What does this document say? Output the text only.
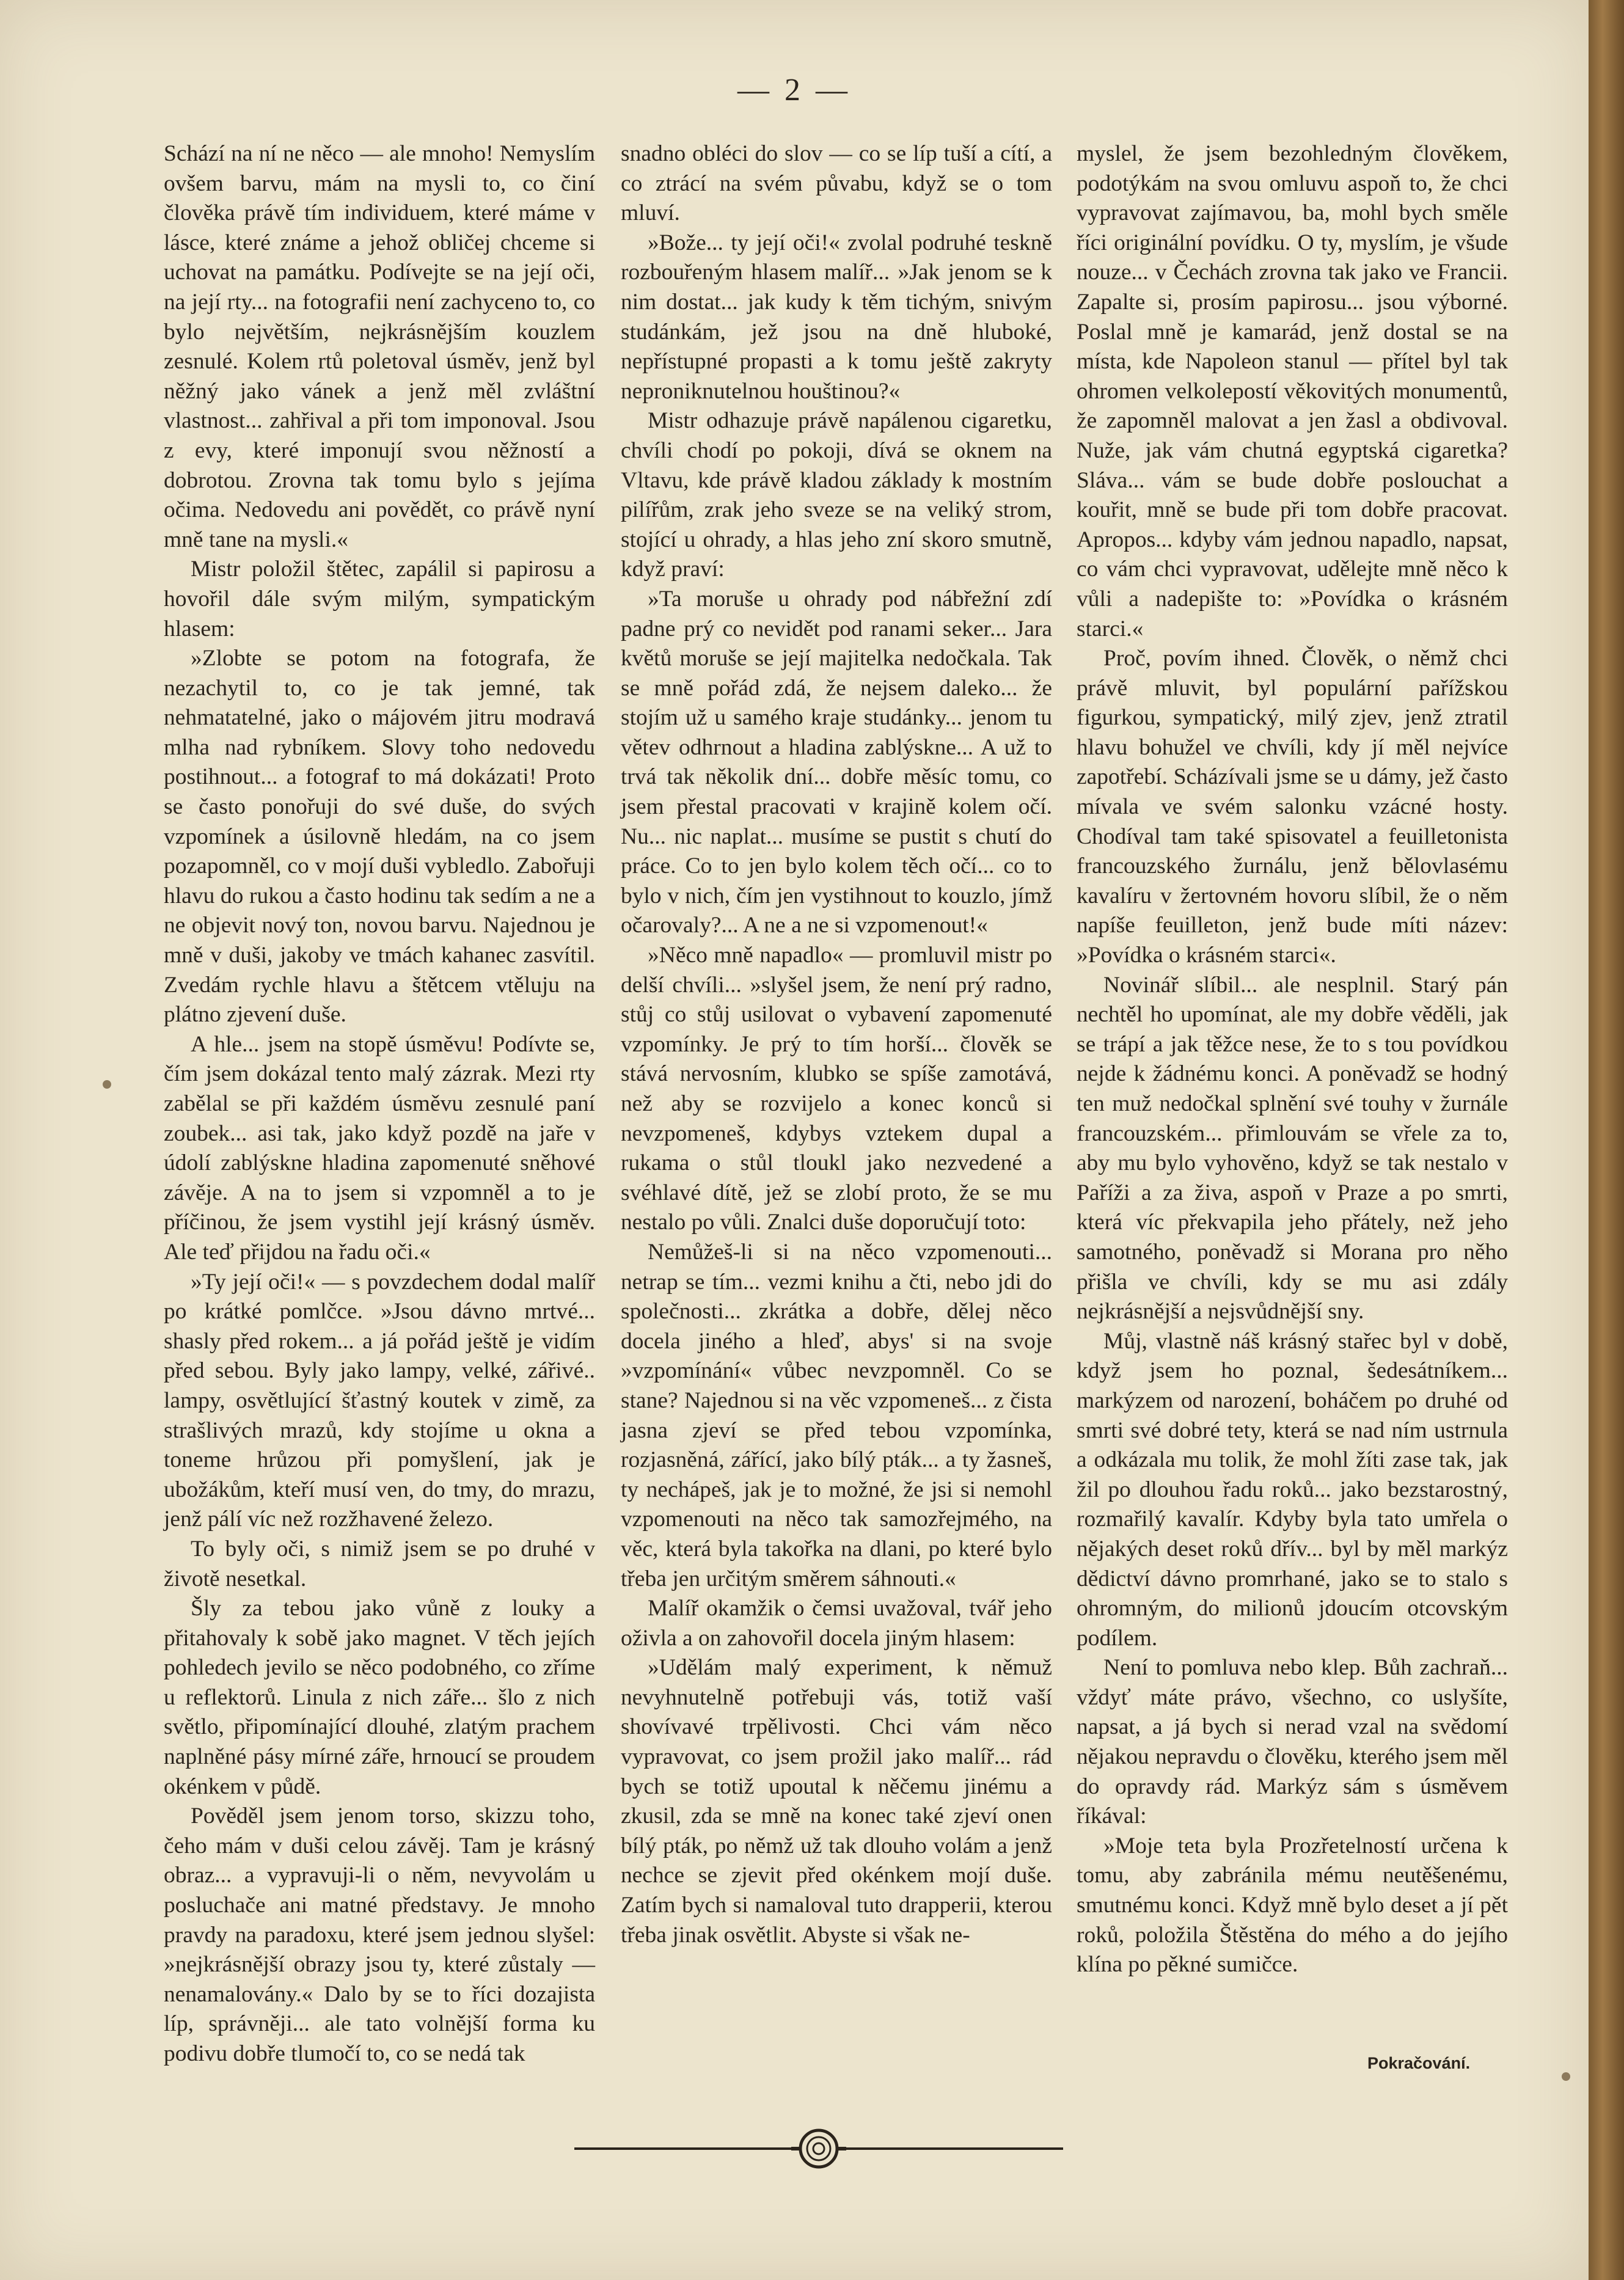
— 2 —

Schází na ní ne něco — ale mnoho! Nemyslím ovšem barvu, mám na mysli to, co činí člověka právě tím individuem, které máme v lásce, které známe a jehož obličej chceme si uchovat na památku. Podívejte se na její oči, na její rty... na fotografii není zachyceno to, co bylo největším, nejkrásnějším kouzlem zesnulé. Kolem rtů poletoval úsměv, jenž byl něžný jako vánek a jenž měl zvláštní vlastnost... zahřival a při tom imponoval. Jsou z evy, které imponují svou něžností a dobrotou. Zrovna tak tomu bylo s jejíma očima. Nedovedu ani povědět, co právě nyní mně tane na mysli.«

Mistr položil štětec, zapálil si papirosu a hovořil dále svým milým, sympatickým hlasem:

»Zlobte se potom na fotografa, že nezachytil to, co je tak jemné, tak nehmatatelné, jako o májovém jitru modravá mlha nad rybníkem. Slovy toho nedovedu postihnout... a fotograf to má dokázati! Proto se často ponořuji do své duše, do svých vzpomínek a úsilovně hledám, na co jsem pozapomněl, co v mojí duši vybledlo. Zabořuji hlavu do rukou a často hodinu tak sedím a ne a ne objevit nový ton, novou barvu. Najednou je mně v duši, jakoby ve tmách kahanec zasvítil. Zvedám rychle hlavu a štětcem vtěluju na plátno zjevení duše.

A hle... jsem na stopě úsměvu! Podívte se, čím jsem dokázal tento malý zázrak. Mezi rty zabělal se při každém úsměvu zesnulé paní zoubek... asi tak, jako když pozdě na jaře v údolí zablýskne hladina zapomenuté sněhové závěje. A na to jsem si vzpomněl a to je příčinou, že jsem vystihl její krásný úsměv. Ale teď přijdou na řadu oči.«

»Ty její oči!« — s povzdechem dodal malíř po krátké pomlčce. »Jsou dávno mrtvé... shasly před rokem... a já pořád ještě je vidím před sebou. Byly jako lampy, velké, zářivé.. lampy, osvětlující šťastný koutek v zimě, za strašlivých mrazů, kdy stojíme u okna a toneme hrůzou při pomyšlení, jak je ubožákům, kteří musí ven, do tmy, do mrazu, jenž pálí víc než rozžhavené železo.

To byly oči, s nimiž jsem se po druhé v životě nesetkal.

Šly za tebou jako vůně z louky a přitahovaly k sobě jako magnet. V těch jejích pohledech jevilo se něco podobného, co zříme u reflektorů. Linula z nich záře... šlo z nich světlo, připomínající dlouhé, zlatým prachem naplněné pásy mírné záře, hrnoucí se proudem okénkem v půdě.

Pověděl jsem jenom torso, skizzu toho, čeho mám v duši celou závěj. Tam je krásný obraz... a vypravuji-li o něm, nevyvolám u posluchače ani matné představy. Je mnoho pravdy na paradoxu, které jsem jednou slyšel: »nejkrásnější obrazy jsou ty, které zůstaly — nenamalovány.« Dalo by se to říci dozajista líp, správněji... ale tato volnější forma ku podivu dobře tlumočí to, co se nedá tak

snadno obléci do slov — co se líp tuší a cítí, a co ztrácí na svém půvabu, když se o tom mluví.

»Bože... ty její oči!« zvolal podruhé teskně rozbouřeným hlasem malíř... »Jak jenom se k nim dostat... jak kudy k těm tichým, snivým studánkám, jež jsou na dně hluboké, nepřístupné propasti a k tomu ještě zakryty neproniknutelnou houštinou?«

Mistr odhazuje právě napálenou cigaretku, chvíli chodí po pokoji, dívá se oknem na Vltavu, kde právě kladou základy k mostním pilířům, zrak jeho sveze se na veliký strom, stojící u ohrady, a hlas jeho zní skoro smutně, když praví:

»Ta moruše u ohrady pod nábřežní zdí padne prý co nevidět pod ranami seker... Jara květů moruše se její majitelka nedočkala. Tak se mně pořád zdá, že nejsem daleko... že stojím už u samého kraje studánky... jenom tu větev odhrnout a hladina zablýskne... A už to trvá tak několik dní... dobře měsíc tomu, co jsem přestal pracovati v krajině kolem očí. Nu... nic naplat... musíme se pustit s chutí do práce. Co to jen bylo kolem těch očí... co to bylo v nich, čím jen vystihnout to kouzlo, jímž očarovaly?... A ne a ne si vzpomenout!«

»Něco mně napadlo« — promluvil mistr po delší chvíli... »slyšel jsem, že není prý radno, stůj co stůj usilovat o vybavení zapomenuté vzpomínky. Je prý to tím horší... člověk se stává nervosním, klubko se spíše zamotává, než aby se rozvijelo a konec konců si nevzpomeneš, kdybys vztekem dupal a rukama o stůl tloukl jako nezvedené a svéhlavé dítě, jež se zlobí proto, že se mu nestalo po vůli. Znalci duše doporučují toto:

Nemůžeš-li si na něco vzpomenouti... netrap se tím... vezmi knihu a čti, nebo jdi do společnosti... zkrátka a dobře, dělej něco docela jiného a hleď, abys' si na svoje »vzpomínání« vůbec nevzpomněl. Co se stane? Najednou si na věc vzpomeneš... z čista jasna zjeví se před tebou vzpomínka, rozjasněná, zářící, jako bílý pták... a ty žasneš, ty nechápeš, jak je to možné, že jsi si nemohl vzpomenouti na něco tak samozřejmého, na věc, která byla takořka na dlani, po které bylo třeba jen určitým směrem sáhnouti.«

Malíř okamžik o čemsi uvažoval, tvář jeho oživla a on zahovořil docela jiným hlasem:

»Udělám malý experiment, k němuž nevyhnutelně potřebuji vás, totiž vaší shovívavé trpělivosti. Chci vám něco vypravovat, co jsem prožil jako malíř... rád bych se totiž upoutal k něčemu jinému a zkusil, zda se mně na konec také zjeví onen bílý pták, po němž už tak dlouho volám a jenž nechce se zjevit před okénkem mojí duše. Zatím bych si namaloval tuto drapperii, kterou třeba jinak osvětlit. Abyste si však ne-

myslel, že jsem bezohledným člověkem, podotýkám na svou omluvu aspoň to, že chci vypravovat zajímavou, ba, mohl bych směle říci originální povídku. O ty, myslím, je všude nouze... v Čechách zrovna tak jako ve Francii. Zapalte si, prosím papirosu... jsou výborné. Poslal mně je kamarád, jenž dostal se na místa, kde Napoleon stanul — přítel byl tak ohromen velkolepostí věkovitých monumentů, že zapomněl malovat a jen žasl a obdivoval. Nuže, jak vám chutná egyptská cigaretka? Sláva... vám se bude dobře poslouchat a kouřit, mně se bude při tom dobře pracovat. Apropos... kdyby vám jednou napadlo, napsat, co vám chci vypravovat, udělejte mně něco k vůli a nadepište to: »Povídka o krásném starci.«

Proč, povím ihned. Člověk, o němž chci právě mluvit, byl populární pařížskou figurkou, sympatický, milý zjev, jenž ztratil hlavu bohužel ve chvíli, kdy jí měl nejvíce zapotřebí. Scházívali jsme se u dámy, jež často mívala ve svém salonku vzácné hosty. Chodíval tam také spisovatel a feuilletonista francouzského žurnálu, jenž bělovlasému kavalíru v žertovném hovoru slíbil, že o něm napíše feuilleton, jenž bude míti název: »Povídka o krásném starci«.

Novinář slíbil... ale nesplnil. Starý pán nechtěl ho upomínat, ale my dobře věděli, jak se trápí a jak těžce nese, že to s tou povídkou nejde k žádnému konci. A poněvadž se hodný ten muž nedočkal splnění své touhy v žurnále francouzském... přimlouvám se vřele za to, aby mu bylo vyhověno, když se tak nestalo v Paříži a za živa, aspoň v Praze a po smrti, která víc překvapila jeho přátely, než jeho samotného, poněvadž si Morana pro něho přišla ve chvíli, kdy se mu asi zdály nejkrásnější a nejsvůdnější sny.

Můj, vlastně náš krásný stařec byl v době, když jsem ho poznal, šedesátníkem... markýzem od narození, boháčem po druhé od smrti své dobré tety, která se nad ním ustrnula a odkázala mu tolik, že mohl žíti zase tak, jak žil po dlouhou řadu roků... jako bezstarostný, rozmařilý kavalír. Kdyby byla tato umřela o nějakých deset roků dřív... byl by měl markýz dědictví dávno promrhané, jako se to stalo s ohromným, do milionů jdoucím otcovským podílem.

Není to pomluva nebo klep. Bůh zachraň... vždyť máte právo, všechno, co uslyšíte, napsat, a já bych si nerad vzal na svědomí nějakou nepravdu o člověku, kterého jsem měl do opravdy rád. Markýz sám s úsměvem říkával:

»Moje teta byla Prozřetelností určena k tomu, aby zabránila mému neutěšenému, smutnému konci. Když mně bylo deset a jí pět roků, položila Štěstěna do mého a do jejího klína po pěkné sumičce.

Pokračování.
